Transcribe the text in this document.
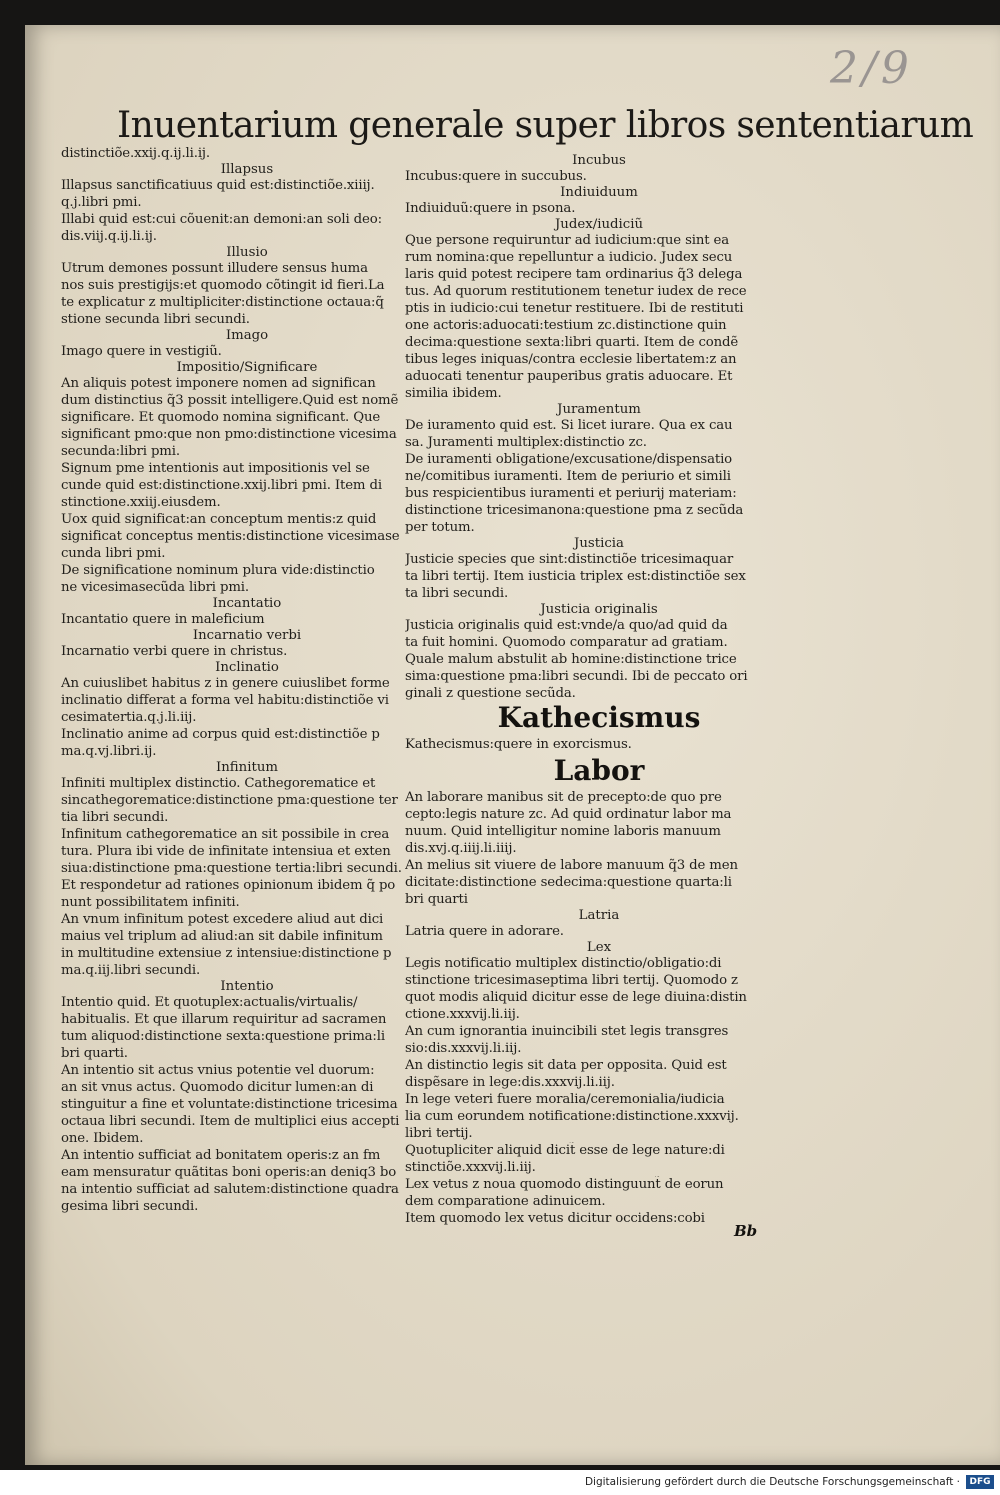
2/9
Inuentarium generale super libros sententiarum
distinctiõe.xxij.q.ij.li.ij.
Illapsus
Illapsus sanctificatiuus quid est:distinctiõe.xiiij.
q.j.libri pmi.
Illabi quid est:cui cõuenit:an demoni:an soli deo:
dis.viij.q.ij.li.ij.
Illusio
Utrum demones possunt illudere sensus huma
nos suis prestigijs:et quomodo cõtingit id fieri.La
te explicatur z multipliciter:distinctione octaua:q̃
stione secunda libri secundi.
Imago
Imago quere in vestigiũ.
Impositio/Significare
An aliquis potest imponere nomen ad significan
dum distinctius q̃3 possit intelligere.Quid est nomẽ
significare. Et quomodo nomina significant. Que
significant pmo:que non pmo:distinctione vicesima
secunda:libri pmi.
Signum pme intentionis aut impositionis vel se
cunde quid est:distinctione.xxij.libri pmi. Item di
stinctione.xxiij.eiusdem.
Uox quid significat:an conceptum mentis:z quid
significat conceptus mentis:distinctione vicesimase
cunda libri pmi.
De significatione nominum plura vide:distinctio
ne vicesimasecũda libri pmi.
Incantatio
Incantatio quere in maleficium
Incarnatio verbi
Incarnatio verbi quere in christus.
Inclinatio
An cuiuslibet habitus z in genere cuiuslibet forme
inclinatio differat a forma vel habitu:distinctiõe vi
cesimatertia.q.j.li.iij.
Inclinatio anime ad corpus quid est:distinctiõe p
ma.q.vj.libri.ij.
Infinitum
Infiniti multiplex distinctio. Cathegorematice et
sincathegorematice:distinctione pma:questione ter
tia libri secundi.
Infinitum cathegorematice an sit possibile in crea
tura. Plura ibi vide de infinitate intensiua et exten
siua:distinctione pma:questione tertia:libri secundi.
Et respondetur ad rationes opinionum ibidem q̃ po
nunt possibilitatem infiniti.
An vnum infinitum potest excedere aliud aut dici
maius vel triplum ad aliud:an sit dabile infinitum
in multitudine extensiue z intensiue:distinctione p
ma.q.iij.libri secundi.
Intentio
Intentio quid. Et quotuplex:actualis/virtualis/
habitualis. Et que illarum requiritur ad sacramen
tum aliquod:distinctione sexta:questione prima:li
bri quarti.
An intentio sit actus vnius potentie vel duorum:
an sit vnus actus. Quomodo dicitur lumen:an di
stinguitur a fine et voluntate:distinctione tricesima
octaua libri secundi. Item de multiplici eius accepti
one. Ibidem.
An intentio sufficiat ad bonitatem operis:z an fm
eam mensuratur quãtitas boni operis:an deniq3 bo
na intentio sufficiat ad salutem:distinctione quadra
gesima libri secundi.
Incubus
Incubus:quere in succubus.
Indiuiduum
Indiuiduũ:quere in psona.
Judex/iudiciũ
Que persone requiruntur ad iudicium:que sint ea
rum nomina:que repelluntur a iudicio. Judex secu
laris quid potest recipere tam ordinarius q̃3 delega
tus. Ad quorum restitutionem tenetur iudex de rece
ptis in iudicio:cui tenetur restituere. Ibi de restituti
one actoris:aduocati:testium zc.distinctione quin
decima:questione sexta:libri quarti. Item de condẽ
tibus leges iniquas/contra ecclesie libertatem:z an
aduocati tenentur pauperibus gratis aduocare. Et
similia ibidem.
Juramentum
De iuramento quid est. Si licet iurare. Qua ex cau
sa. Juramenti multiplex:distinctio zc.
De iuramenti obligatione/excusatione/dispensatio
ne/comitibus iuramenti. Item de periurio et simili
bus respicientibus iuramenti et periurij materiam:
distinctione tricesimanona:questione pma z secũda
per totum.
Justicia
Justicie species que sint:distinctiõe tricesimaquar
ta libri tertij. Item iusticia triplex est:distinctiõe sex
ta libri secundi.
Justicia originalis
Justicia originalis quid est:vnde/a quo/ad quid da
ta fuit homini. Quomodo comparatur ad gratiam.
Quale malum abstulit ab homine:distinctione trice
sima:questione pma:libri secundi. Ibi de peccato ori
ginali z questione secũda.
Kathecismus
Kathecismus:quere in exorcismus.
Labor
An laborare manibus sit de precepto:de quo pre
cepto:legis nature zc. Ad quid ordinatur labor ma
nuum. Quid intelligitur nomine laboris manuum
dis.xvj.q.iiij.li.iiij.
An melius sit viuere de labore manuum q̃3 de men
dicitate:distinctione sedecima:questione quarta:li
bri quarti
Latria
Latria quere in adorare.
Lex
Legis notificatio multiplex distinctio/obligatio:di
stinctione tricesimaseptima libri tertij. Quomodo z
quot modis aliquid dicitur esse de lege diuina:distin
ctione.xxxvij.li.iij.
An cum ignorantia inuincibili stet legis transgres
sio:dis.xxxvij.li.iij.
An distinctio legis sit data per opposita. Quid est
dispẽsare in lege:dis.xxxvij.li.iij.
In lege veteri fuere moralia/ceremonialia/iudicia
lia cum eorundem notificatione:distinctione.xxxvij.
libri tertij.
Quotupliciter aliquid dicit̃ esse de lege nature:di
stinctiõe.xxxvij.li.iij.
Lex vetus z noua quomodo distinguunt̃ de eorun
dem comparatione adinuicem.
Item quomodo lex vetus dicitur occidens:cobi
Bb
Digitalisierung gefördert durch die Deutsche Forschungsgemeinschaft ·	DFG
